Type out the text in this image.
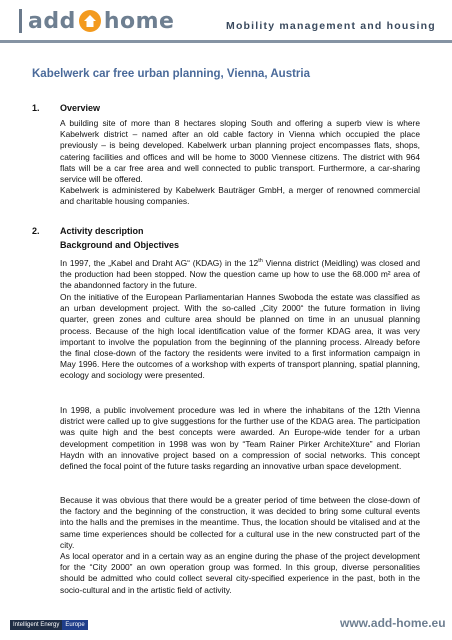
add home	Mobility management and housing
Kabelwerk car free urban planning, Vienna, Austria
1. Overview
A building site of more than 8 hectares sloping South and offering a superb view is where Kabelwerk district – named after an old cable factory in Vienna which occupied the place previously – is being developed. Kabelwerk urban planning project encompasses flats, shops, catering facilities and offices and will be home to 3000 Viennese citizens. The district with 964 flats will be a car free area and well connected to public transport. Furthermore, a car-sharing service will be offered.
Kabelwerk is administered by Kabelwerk Bauträger GmbH, a merger of renowned commercial and charitable housing companies.
2. Activity description
Background and Objectives
In 1997, the „Kabel and Draht AG“ (KDAG) in the 12th Vienna district (Meidling) was closed and the production had been stopped. Now the question came up how to use the 68.000 m² area of the abandonned factory in the future.
On the initiative of the European Parliamentarian Hannes Swoboda the estate was classified as an urban development project. With the so-called „City 2000“ the future formation in living quarter, green zones and culture area should be planned on time in an unusual planning process. Because of the high local identification value of the former KDAG area, it was very important to involve the population from the beginning of the planning process. Already before the final close-down of the factory the residents were invited to a first information campaign in May 1996. Here the outcomes of a workshop with experts of transport planning, spatial planning, ecology and sociology were presented.
In 1998, a public involvement procedure was led in where the inhabitans of the 12th Vienna district were called up to give suggestions for the further use of the KDAG area. The participation was quite high and the best concepts were awarded. An Europe-wide tender for a urban development competition in 1998 was won by “Team Rainer Pirker ArchiteXture” and Florian Haydn with an innovative project based on a compression of social networks. This concept defined the focal point of the future tasks regarding an innovative urban space development.
Because it was obvious that there would be a greater period of time between the close-down of the factory and the beginning of the construction, it was decided to bring some cultural events into the halls and the premises in the meantime. Thus, the location should be vitalised and at the same time experiences should be collected for a cultural use in the new constructed part of the city.
As local operator and in a certain way as an engine during the phase of the project development for the “City 2000” an own operation group was formed. In this group, diverse personalities should be admitted who could collect several city-specified experience in the past, both in the socio-cultural and in the artistic field of activity.
Intelligent Energy	Europe	www.add-home.eu
